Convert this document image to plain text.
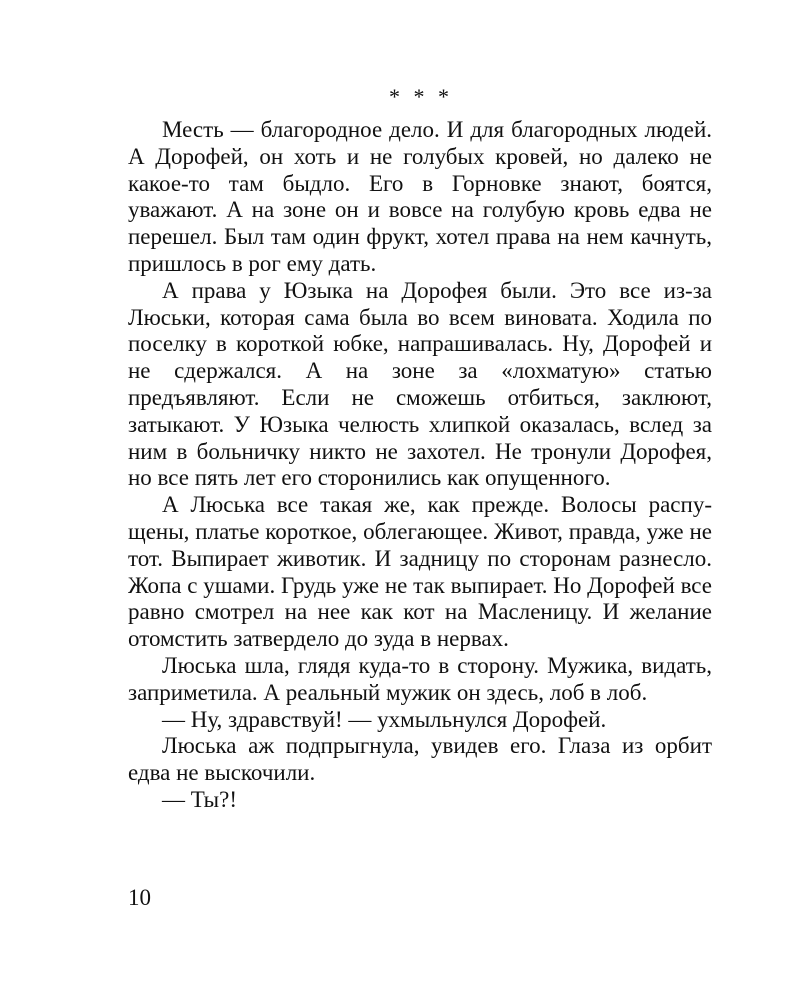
* * *

Месть — благородное дело. И для благородных людей. А Дорофей, он хоть и не голубых кровей, но далеко не какое-то там быдло. Его в Горновке знают, боятся, уважают. А на зоне он и вовсе на голубую кровь едва не перешел. Был там один фрукт, хотел права на нем качнуть, пришлось в рог ему дать.

А права у Юзыка на Дорофея были. Это все из-за Люськи, которая сама была во всем виновата. Ходила по поселку в короткой юбке, напрашивалась. Ну, Дорофей и не сдержался. А на зоне за «лохматую» статью предъявляют. Если не сможешь отбиться, заклюют, затыкают. У Юзыка челюсть хлипкой оказалась, вслед за ним в больничку никто не захотел. Не тронули Дорофея, но все пять лет его сторонились как опущенного.

А Люська все такая же, как прежде. Волосы распущены, платье короткое, облегающее. Живот, правда, уже не тот. Выпирает животик. И задницу по сторонам разнесло. Жопа с ушами. Грудь уже не так выпирает. Но Дорофей все равно смотрел на нее как кот на Масленицу. И желание отомстить затвердело до зуда в нервах.

Люська шла, глядя куда-то в сторону. Мужика, видать, заприметила. А реальный мужик он здесь, лоб в лоб.

— Ну, здравствуй! — ухмыльнулся Дорофей.

Люська аж подпрыгнула, увидев его. Глаза из орбит едва не выскочили.

— Ты?!

10
